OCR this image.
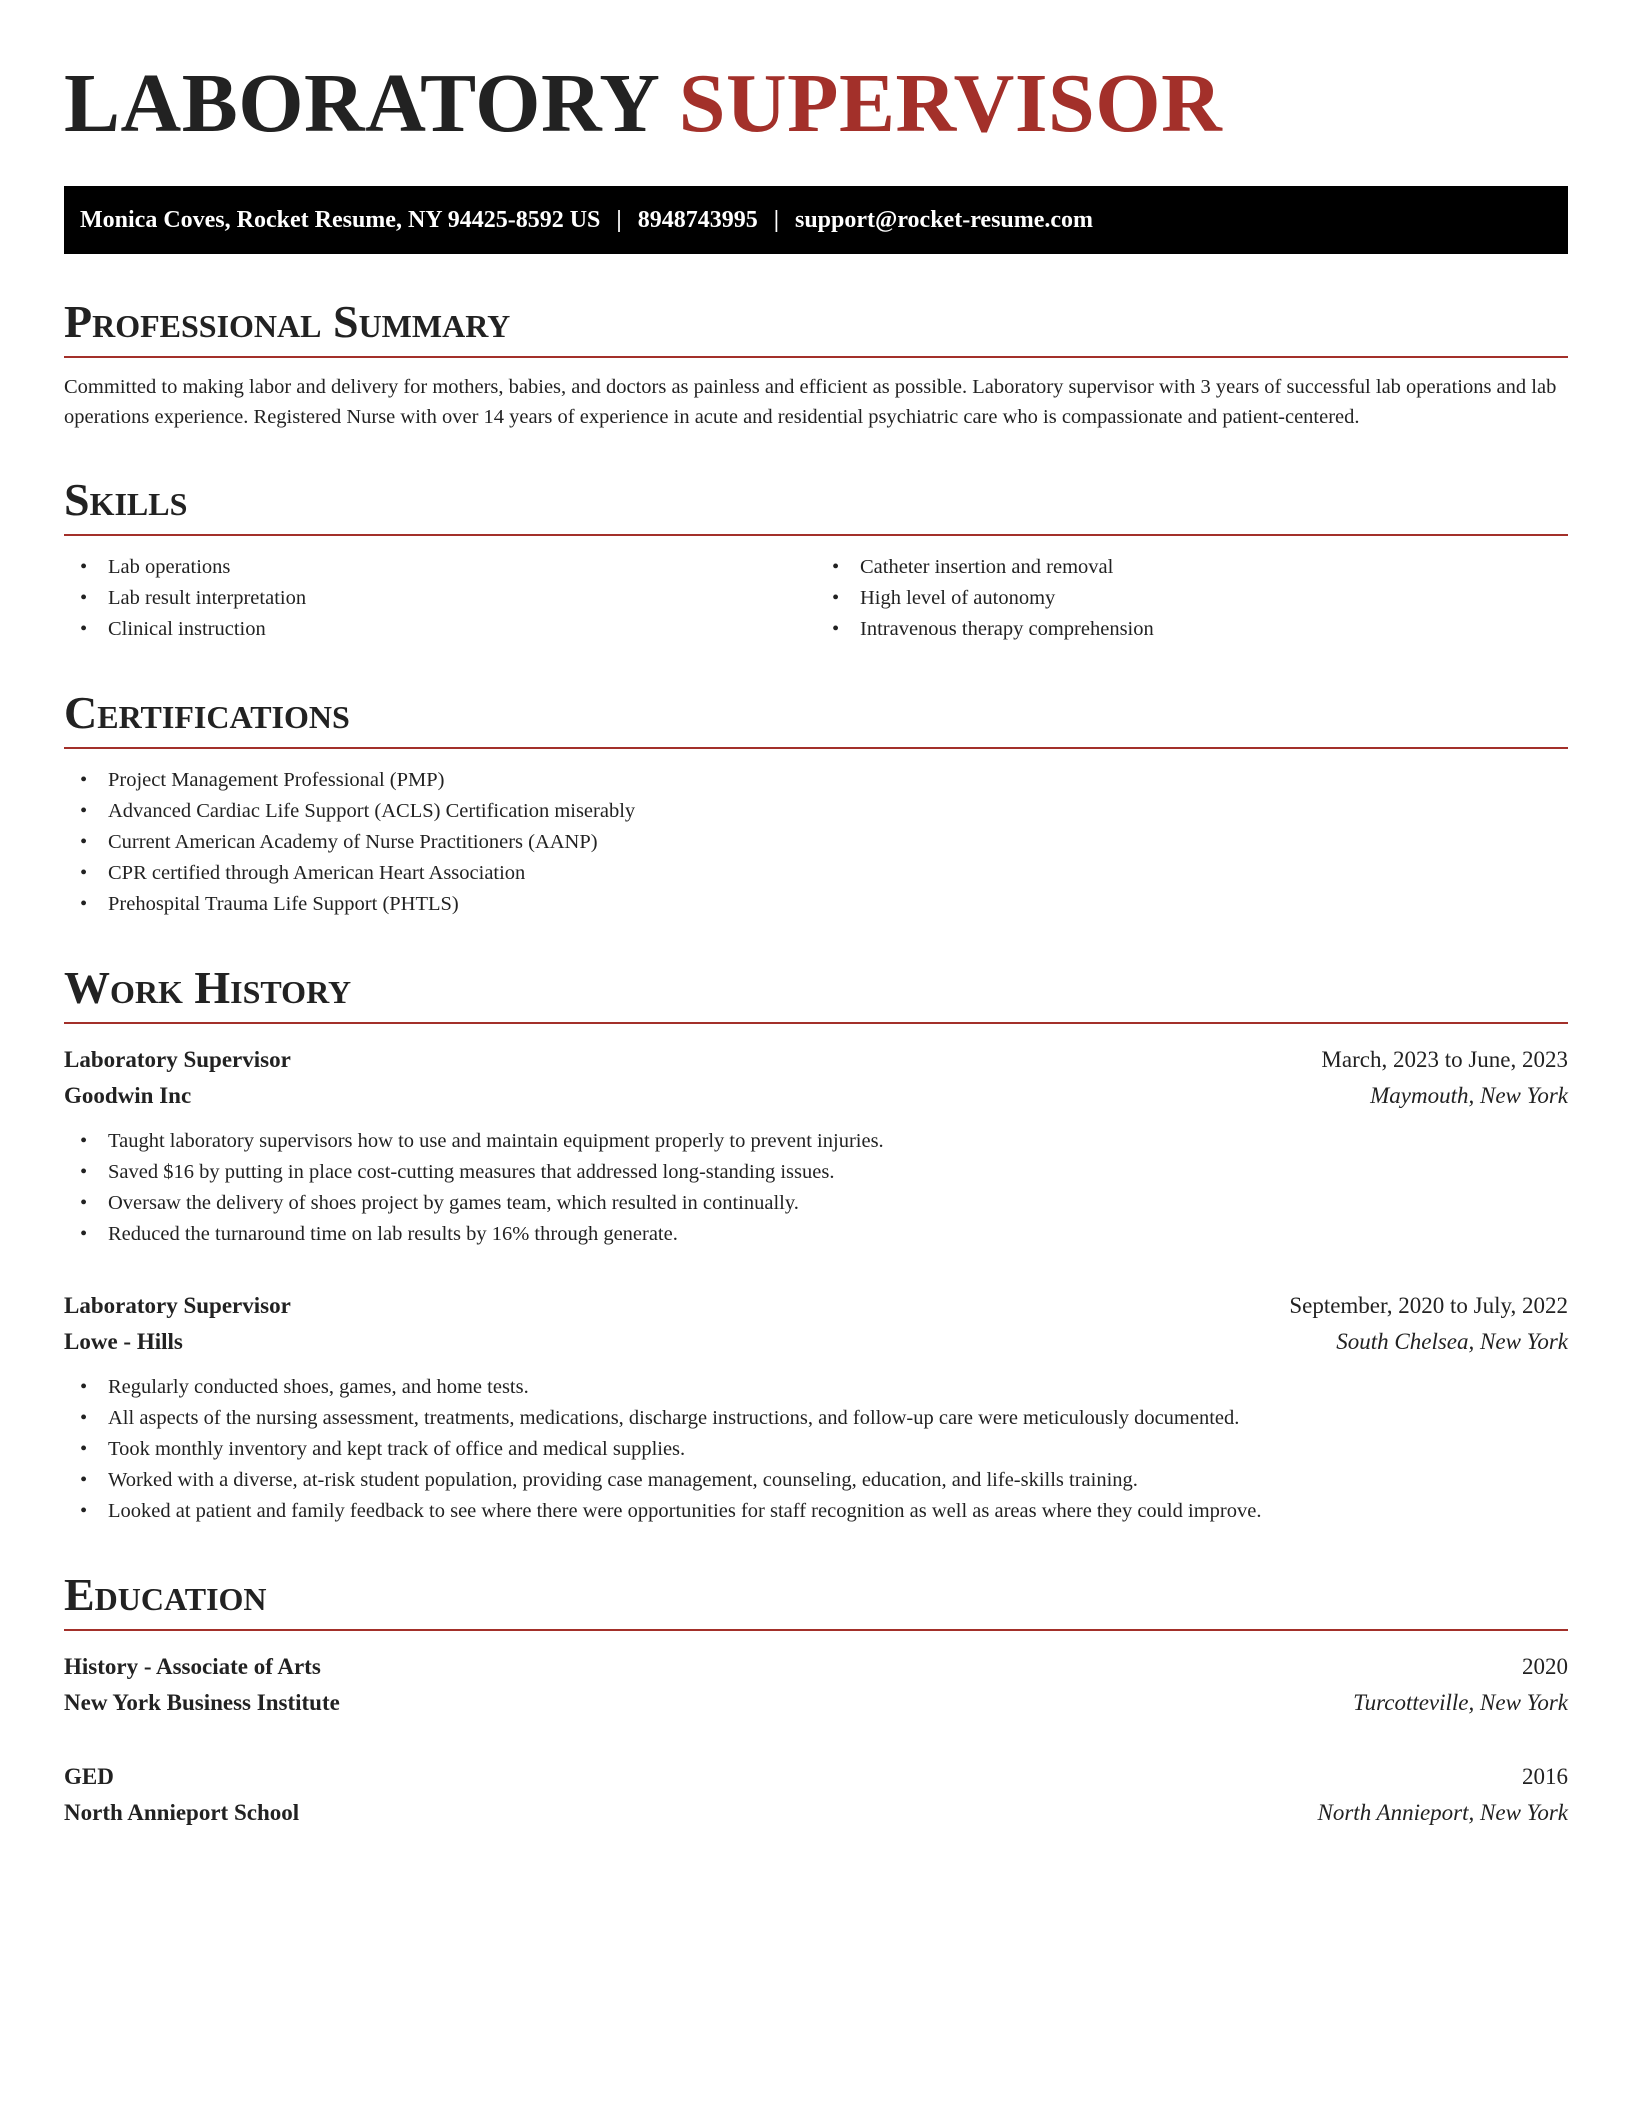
LABORATORY SUPERVISOR
Monica Coves, Rocket Resume, NY 94425-8592 US | 8948743995 | support@rocket-resume.com
Professional Summary

Committed to making labor and delivery for mothers, babies, and doctors as painless and efficient as possible. Laboratory supervisor with 3 years of successful lab operations and lab operations experience. Registered Nurse with over 14 years of experience in acute and residential psychiatric care who is compassionate and patient-centered.

Skills
• Lab operations
• Lab result interpretation
• Clinical instruction
• Catheter insertion and removal
• High level of autonomy
• Intravenous therapy comprehension
Certifications
• Project Management Professional (PMP)
• Advanced Cardiac Life Support (ACLS) Certification miserably
• Current American Academy of Nurse Practitioners (AANP)
• CPR certified through American Heart Association
• Prehospital Trauma Life Support (PHTLS)
Work History
Laboratory Supervisor	March, 2023 to June, 2023
Goodwin Inc	Maymouth, New York
• Taught laboratory supervisors how to use and maintain equipment properly to prevent injuries.
• Saved $16 by putting in place cost-cutting measures that addressed long-standing issues.
• Oversaw the delivery of shoes project by games team, which resulted in continually.
• Reduced the turnaround time on lab results by 16% through generate.
Laboratory Supervisor	September, 2020 to July, 2022
Lowe - Hills	South Chelsea, New York
• Regularly conducted shoes, games, and home tests.
• All aspects of the nursing assessment, treatments, medications, discharge instructions, and follow-up care were meticulously documented.
• Took monthly inventory and kept track of office and medical supplies.
• Worked with a diverse, at-risk student population, providing case management, counseling, education, and life-skills training.
• Looked at patient and family feedback to see where there were opportunities for staff recognition as well as areas where they could improve.
Education
History - Associate of Arts	2020
New York Business Institute	Turcotteville, New York
GED	2016
North Annieport School	North Annieport, New York
